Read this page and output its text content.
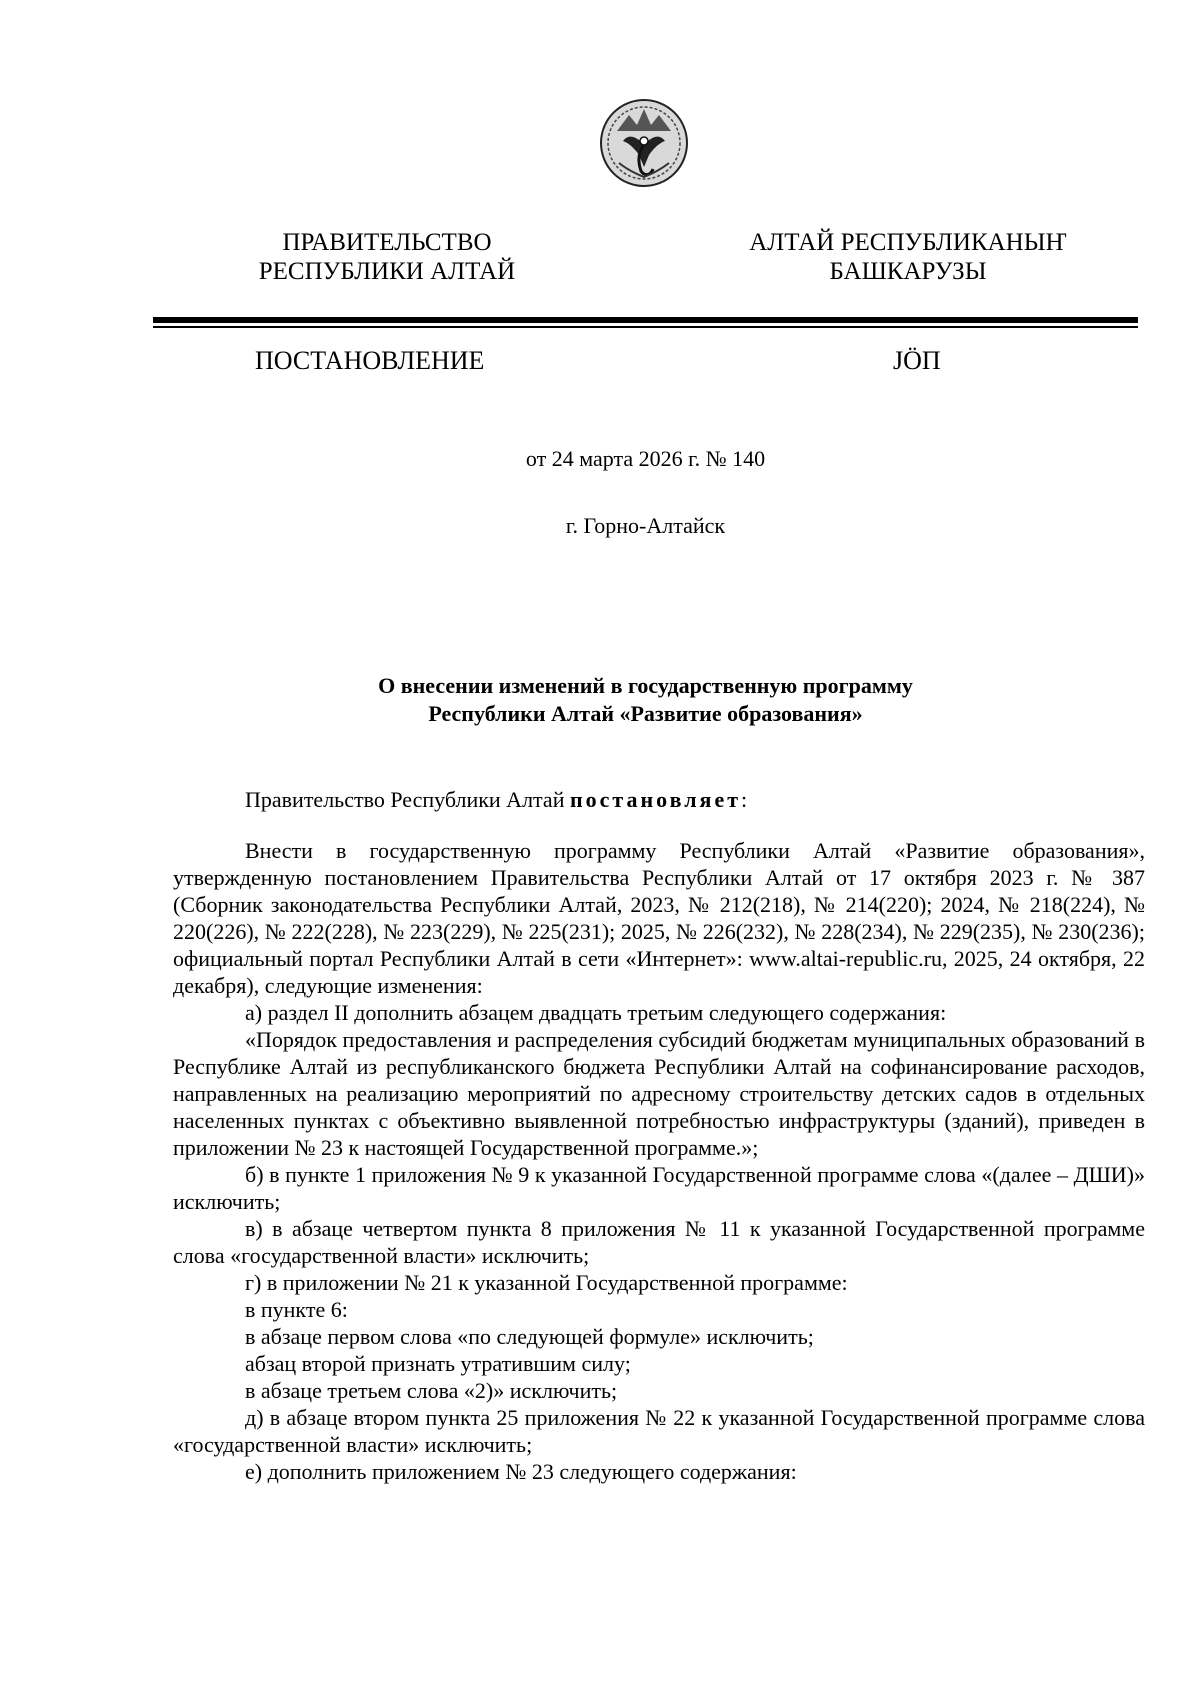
ПРАВИТЕЛЬСТВО
РЕСПУБЛИКИ АЛТАЙ
АЛТАЙ РЕСПУБЛИКАНЫҤ
БАШКАРУЗЫ
ПОСТАНОВЛЕНИЕ	JÖП
от 24 марта 2026 г. № 140
г. Горно-Алтайск
О внесении изменений в государственную программу
Республики Алтай «Развитие образования»

Правительство Республики Алтай постановляет:

Внести в государственную программу Республики Алтай «Развитие образования», утвержденную постановлением Правительства Республики Алтай от 17 октября 2023 г. № 387 (Сборник законодательства Республики Алтай, 2023, № 212(218), № 214(220); 2024, № 218(224), № 220(226), № 222(228), № 223(229), № 225(231); 2025, № 226(232), № 228(234), № 229(235), № 230(236); официальный портал Республики Алтай в сети «Интернет»: www.altai-republic.ru, 2025, 24 октября, 22 декабря), следующие изменения:

а) раздел II дополнить абзацем двадцать третьим следующего содержания:

«Порядок предоставления и распределения субсидий бюджетам муниципальных образований в Республике Алтай из республиканского бюджета Республики Алтай на софинансирование расходов, направленных на реализацию мероприятий по адресному строительству детских садов в отдельных населенных пунктах с объективно выявленной потребностью инфраструктуры (зданий), приведен в приложении № 23 к настоящей Государственной программе.»;

б) в пункте 1 приложения № 9 к указанной Государственной программе слова «(далее – ДШИ)» исключить;

в) в абзаце четвертом пункта 8 приложения № 11 к указанной Государственной программе слова «государственной власти» исключить;

г) в приложении № 21 к указанной Государственной программе:

в пункте 6:

в абзаце первом слова «по следующей формуле» исключить;

абзац второй признать утратившим силу;

в абзаце третьем слова «2)» исключить;

д) в абзаце втором пункта 25 приложения № 22 к указанной Государственной программе слова «государственной власти» исключить;

е) дополнить приложением № 23 следующего содержания:
